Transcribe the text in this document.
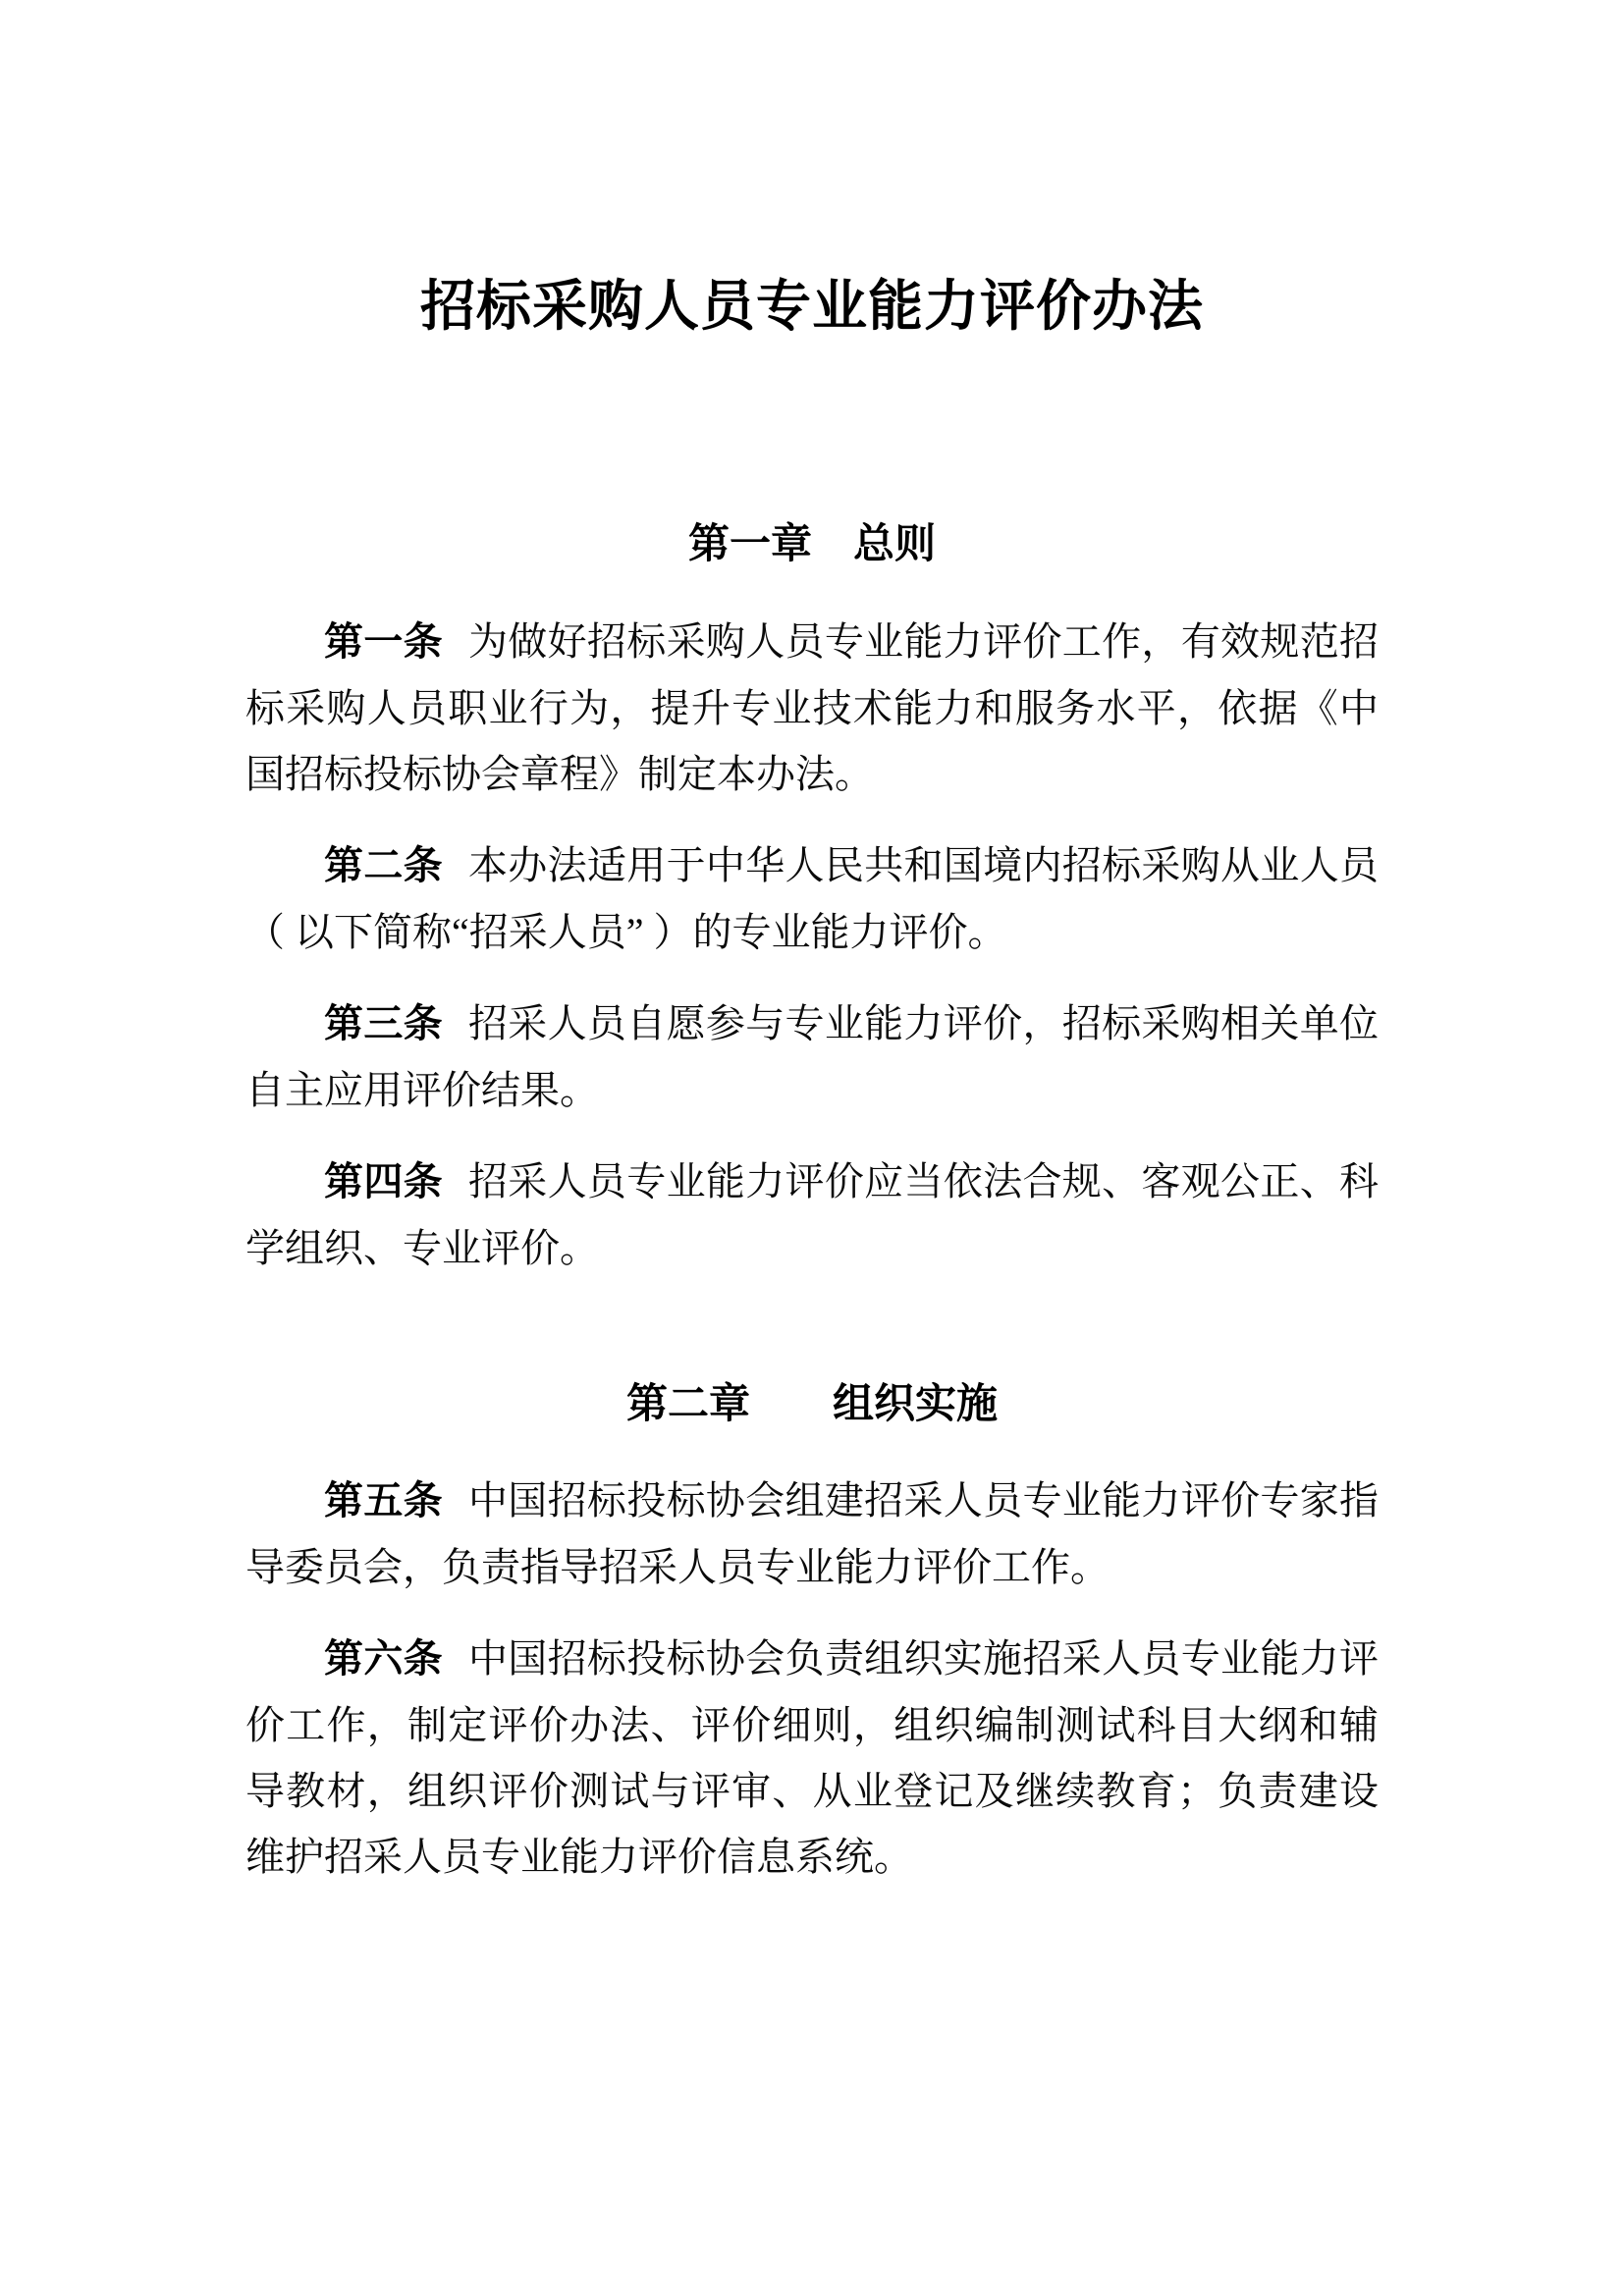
招标采购人员专业能力评价办法
第一章　总则

第一条 为做好招标采购人员专业能力评价工作，有效规范招标采购人员职业行为，提升专业技术能力和服务水平，依据《中国招标投标协会章程》制定本办法。

第二条 本办法适用于中华人民共和国境内招标采购从业人员（ 以下简称“招采人员” ）的专业能力评价。

第三条 招采人员自愿参与专业能力评价，招标采购相关单位自主应用评价结果。

第四条 招采人员专业能力评价应当依法合规、客观公正、科学组织、专业评价。

第二章　　组织实施

第五条 中国招标投标协会组建招采人员专业能力评价专家指导委员会，负责指导招采人员专业能力评价工作。

第六条 中国招标投标协会负责组织实施招采人员专业能力评价工作，制定评价办法、评价细则，组织编制测试科目大纲和辅导教材，组织评价测试与评审、从业登记及继续教育；负责建设维护招采人员专业能力评价信息系统。
